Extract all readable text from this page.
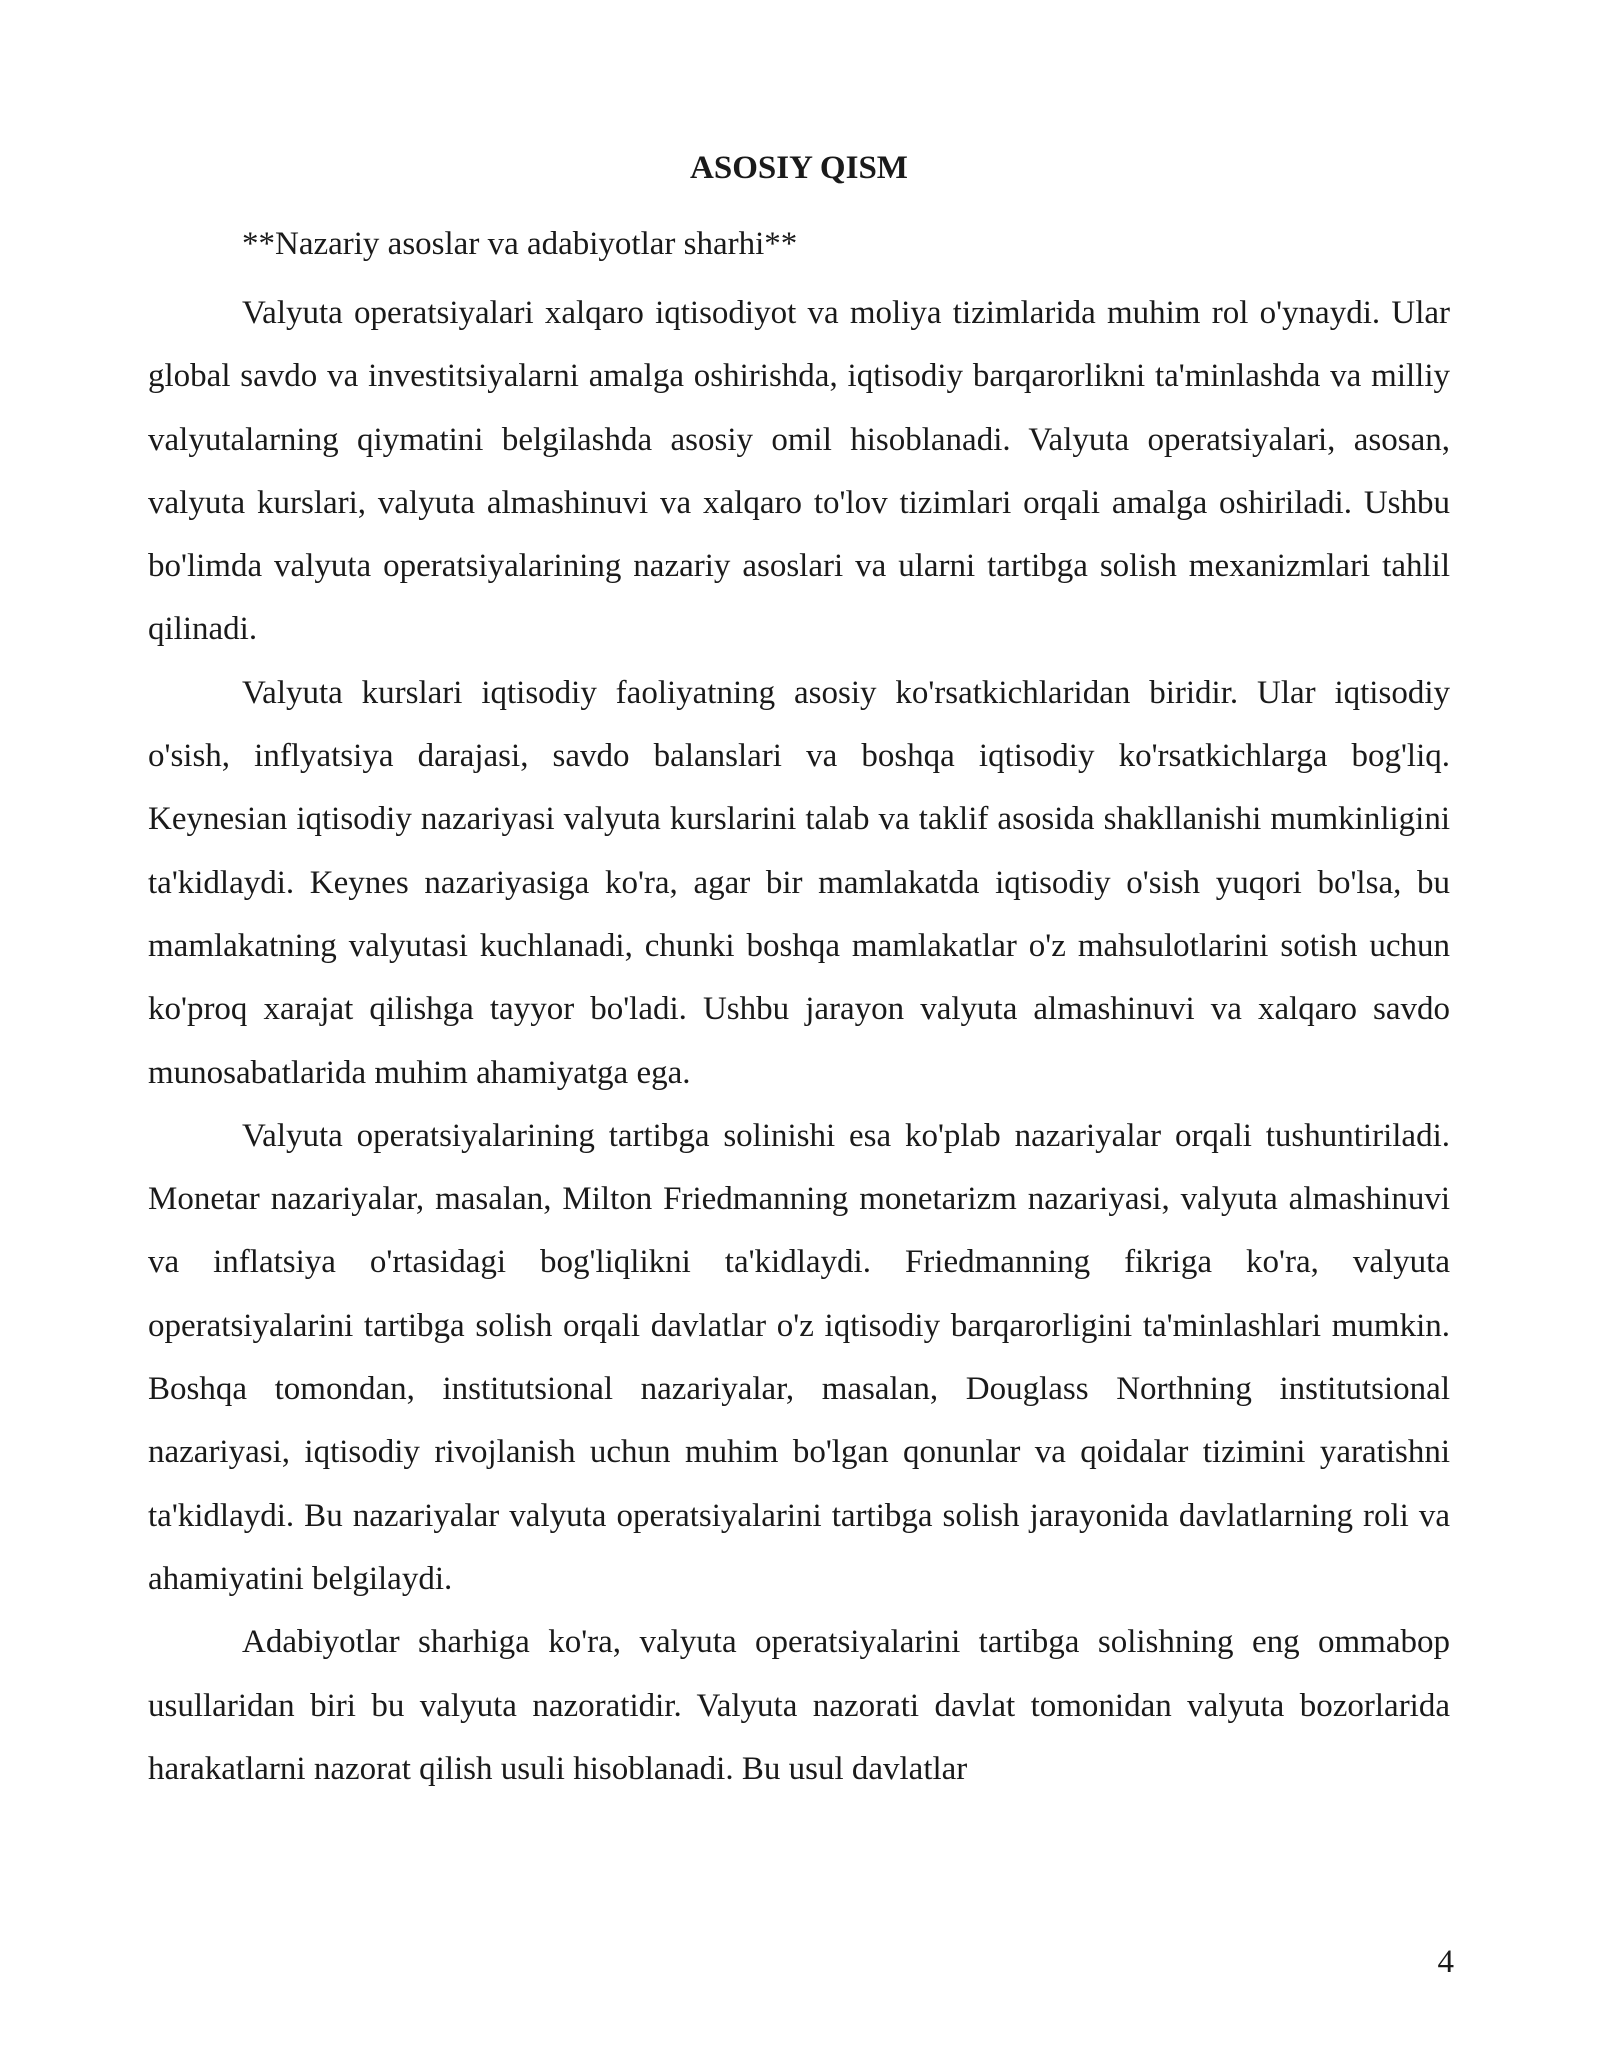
ASOSIY QISM

**Nazariy asoslar va adabiyotlar sharhi**

Valyuta operatsiyalari xalqaro iqtisodiyot va moliya tizimlarida muhim rol o'ynaydi. Ular global savdo va investitsiyalarni amalga oshirishda, iqtisodiy barqarorlikni ta'minlashda va milliy valyutalarning qiymatini belgilashda asosiy omil hisoblanadi. Valyuta operatsiyalari, asosan, valyuta kurslari, valyuta almashinuvi va xalqaro to'lov tizimlari orqali amalga oshiriladi. Ushbu bo'limda valyuta operatsiyalarining nazariy asoslari va ularni tartibga solish mexanizmlari tahlil qilinadi.

Valyuta kurslari iqtisodiy faoliyatning asosiy ko'rsatkichlaridan biridir. Ular iqtisodiy o'sish, inflyatsiya darajasi, savdo balanslari va boshqa iqtisodiy ko'rsatkichlarga bog'liq. Keynesian iqtisodiy nazariyasi valyuta kurslarini talab va taklif asosida shakllanishi mumkinligini ta'kidlaydi. Keynes nazariyasiga ko'ra, agar bir mamlakatda iqtisodiy o'sish yuqori bo'lsa, bu mamlakatning valyutasi kuchlanadi, chunki boshqa mamlakatlar o'z mahsulotlarini sotish uchun ko'proq xarajat qilishga tayyor bo'ladi. Ushbu jarayon valyuta almashinuvi va xalqaro savdo munosabatlarida muhim ahamiyatga ega.

Valyuta operatsiyalarining tartibga solinishi esa ko'plab nazariyalar orqali tushuntiriladi. Monetar nazariyalar, masalan, Milton Friedmanning monetarizm nazariyasi, valyuta almashinuvi va inflatsiya o'rtasidagi bog'liqlikni ta'kidlaydi. Friedmanning fikriga ko'ra, valyuta operatsiyalarini tartibga solish orqali davlatlar o'z iqtisodiy barqarorligini ta'minlashlari mumkin. Boshqa tomondan, institutsional nazariyalar, masalan, Douglass Northning institutsional nazariyasi, iqtisodiy rivojlanish uchun muhim bo'lgan qonunlar va qoidalar tizimini yaratishni ta'kidlaydi. Bu nazariyalar valyuta operatsiyalarini tartibga solish jarayonida davlatlarning roli va ahamiyatini belgilaydi.

Adabiyotlar sharhiga ko'ra, valyuta operatsiyalarini tartibga solishning eng ommabop usullaridan biri bu valyuta nazoratidir. Valyuta nazorati davlat tomonidan valyuta bozorlarida harakatlarni nazorat qilish usuli hisoblanadi. Bu usul davlatlar

4
